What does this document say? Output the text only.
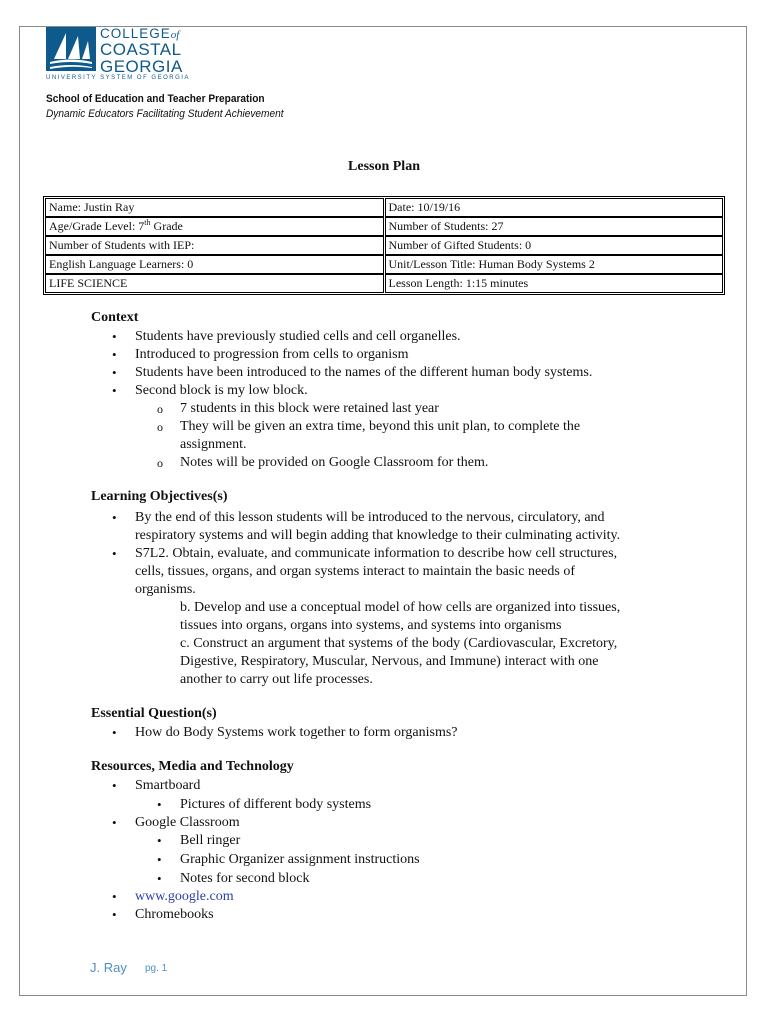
COLLEGEof
COASTAL
GEORGIA
UNIVERSITY SYSTEM OF GEORGIA
School of Education and Teacher Preparation
Dynamic Educators Facilitating Student Achievement
Lesson Plan
Name: Justin Ray	Date: 10/19/16
Age/Grade Level: 7th Grade	Number of Students: 27
Number of Students with IEP:	Number of Gifted Students: 0
English Language Learners: 0	Unit/Lesson Title: Human Body Systems 2
LIFE SCIENCE	Lesson Length: 1:15 minutes
Context
• Students have previously studied cells and cell organelles.
• Introduced to progression from cells to organism
• Students have been introduced to the names of the different human body systems.
• Second block is my low block.
o 7 students in this block were retained last year
o They will be given an extra time, beyond this unit plan, to complete the
assignment.
o Notes will be provided on Google Classroom for them.
Learning Objectives(s)
• By the end of this lesson students will be introduced to the nervous, circulatory, and
respiratory systems and will begin adding that knowledge to their culminating activity.
• S7L2. Obtain, evaluate, and communicate information to describe how cell structures,
cells, tissues, organs, and organ systems interact to maintain the basic needs of
organisms.
b. Develop and use a conceptual model of how cells are organized into tissues,
tissues into organs, organs into systems, and systems into organisms
c. Construct an argument that systems of the body (Cardiovascular, Excretory,
Digestive, Respiratory, Muscular, Nervous, and Immune) interact with one
another to carry out life processes.
Essential Question(s)
• How do Body Systems work together to form organisms?
Resources, Media and Technology
• Smartboard
• Pictures of different body systems
• Google Classroom
• Bell ringer
• Graphic Organizer assignment instructions
• Notes for second block
• www.google.com
• Chromebooks
J. Ray pg. 1
